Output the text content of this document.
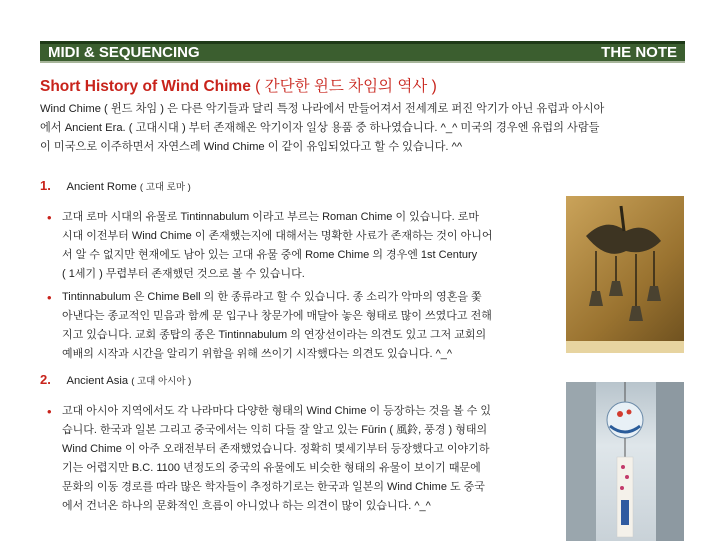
MIDI & SEQUENCING	THE NOTE
Short History of Wind Chime ( 간단한 윈드 차임의 역사 )
Wind Chime ( 윈드 차임 ) 은 다른 악기들과 달리 특정 나라에서 만들어져서 전세계로 퍼진 악기가 아닌 유럽과 아시아
에서 Ancient Era. ( 고대시대 ) 부터 존재해온 악기이자 일상 용품 중 하나였습니다. ^_^ 미국의 경우엔 유럽의 사람들
이 미국으로 이주하면서 자연스레 Wind Chime 이 같이 유입되었다고 할 수 있습니다. ^^
1. Ancient Rome ( 고대 로마 )
• 고대 로마 시대의 유물로 Tintinnabulum 이라고 부르는 Roman Chime 이 있습니다. 로마
시대 이전부터 Wind Chime 이 존재했는지에 대해서는 명확한 사료가 존재하는 것이 아니어
서 알 수 없지만 현재에도 남아 있는 고대 유물 중에 Rome Chime 의 경우엔 1st Century
( 1세기 ) 무렵부터 존재했던 것으로 볼 수 있습니다.
• Tintinnabulum 은 Chime Bell 의 한 종류라고 할 수 있습니다. 종 소리가 악마의 영혼을 쫓
아낸다는 종교적인 믿음과 함께 문 입구나 창문가에 매달아 놓은 형태로 많이 쓰였다고 전해
지고 있습니다. 교회 종탑의 종은 Tintinnabulum 의 연장선이라는 의견도 있고 그저 교회의
예배의 시작과 시간을 알리기 위함을 위해 쓰이기 시작했다는 의견도 있습니다. ^_^
2. Ancient Asia ( 고대 아시아 )
• 고대 아시아 지역에서도 각 나라마다 다양한 형태의 Wind Chime 이 등장하는 것을 볼 수 있
습니다. 한국과 일본 그리고 중국에서는 익히 다들 잘 알고 있는 Fūrin ( 風鈴, 풍경 ) 형태의
Wind Chime 이 아주 오래전부터 존재했었습니다. 정확히 몇세기부터 등장했다고 이야기하
기는 어렵지만 B.C. 1100 년정도의 중국의 유물에도 비슷한 형태의 유물이 보이기 때문에
문화의 이동 경로를 따라 많은 학자들이 추정하기로는 한국과 일본의 Wind Chime 도 중국
에서 건너온 하나의 문화적인 흐름이 아니었나 하는 의견이 많이 있습니다. ^_^
